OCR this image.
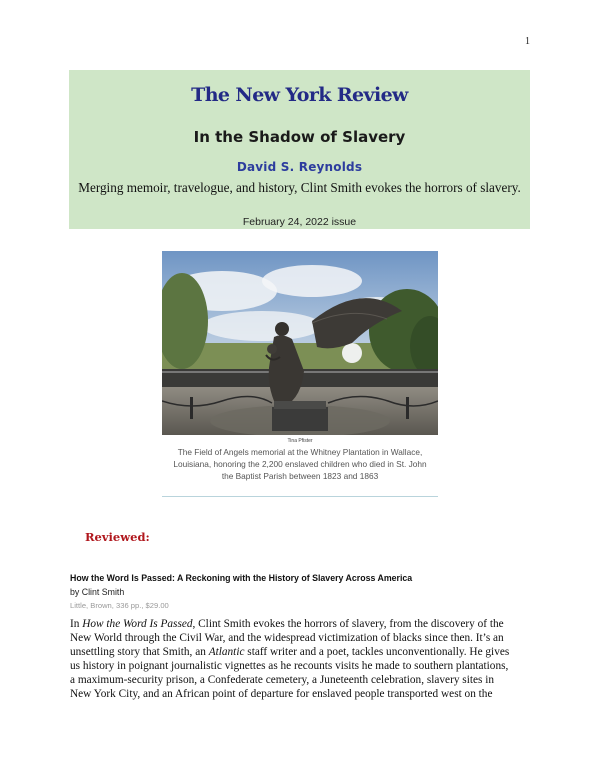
1
The New York Review
In the Shadow of Slavery
David S. Reynolds
Merging memoir, travelogue, and history, Clint Smith evokes the horrors of slavery.
February 24, 2022 issue
Tina Pfister
The Field of Angels memorial at the Whitney Plantation in Wallace,
Louisiana, honoring the 2,200 enslaved children who died in St. John
the Baptist Parish between 1823 and 1863
Reviewed:
How the Word Is Passed: A Reckoning with the History of Slavery Across America
by Clint Smith
Little, Brown, 336 pp., $29.00
In How the Word Is Passed, Clint Smith evokes the horrors of slavery, from the discovery of the
New World through the Civil War, and the widespread victimization of blacks since then. It’s an
unsettling story that Smith, an Atlantic staff writer and a poet, tackles unconventionally. He gives
us history in poignant journalistic vignettes as he recounts visits he made to southern plantations,
a maximum-security prison, a Confederate cemetery, a Juneteenth celebration, slavery sites in
New York City, and an African point of departure for enslaved people transported west on the
